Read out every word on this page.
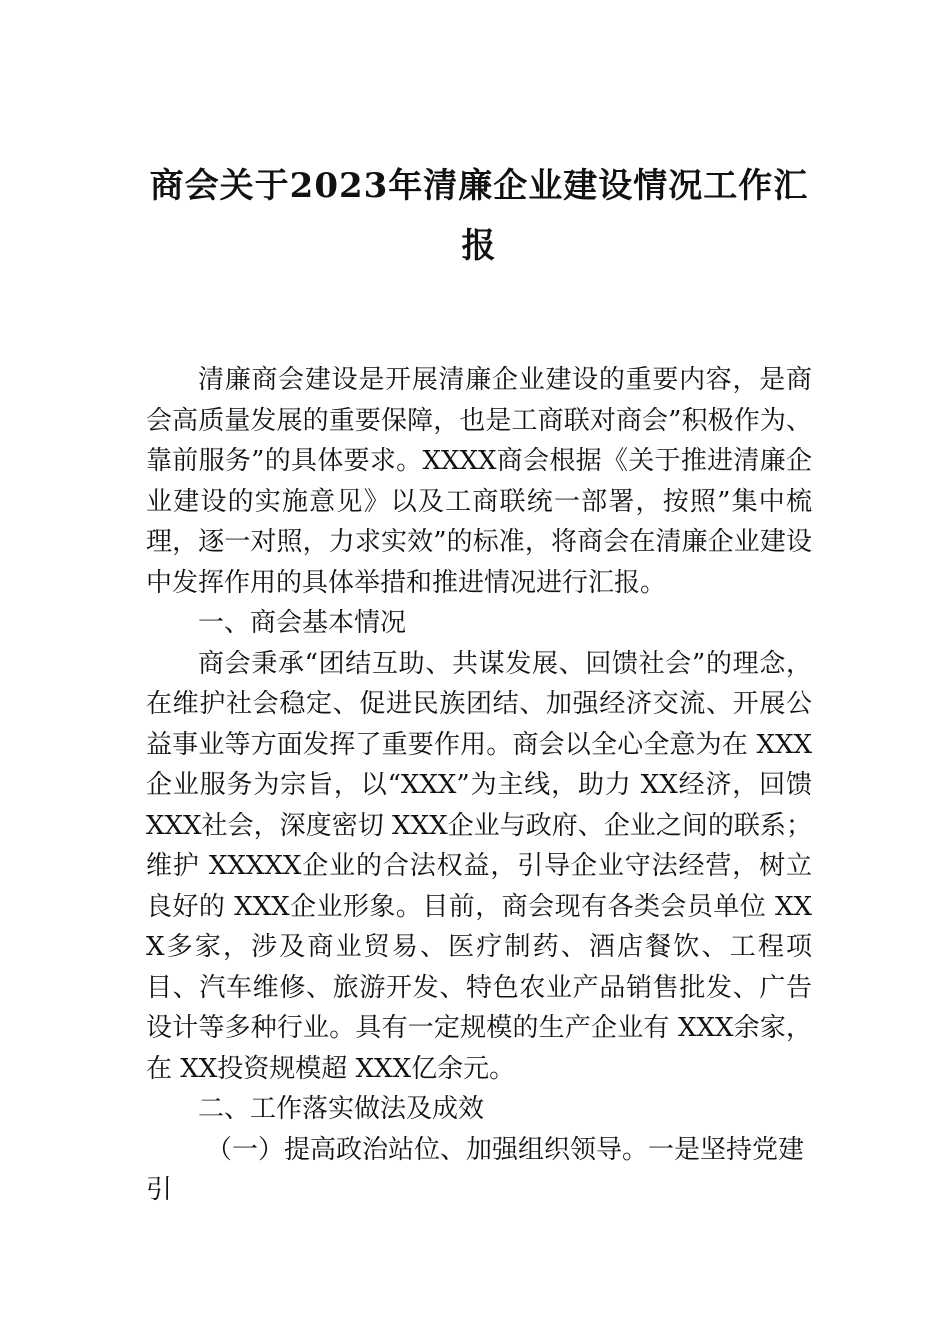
商会关于2023年清廉企业建设情况工作汇
报

清廉商会建设是开展清廉企业建设的重要内容，是商会高质量发展的重要保障，也是工商联对商会”积极作为、靠前服务”的具体要求。XXXX商会根据《关于推进清廉企业建设的实施意见》以及工商联统一部署，按照”集中梳理，逐一对照，力求实效”的标准，将商会在清廉企业建设中发挥作用的具体举措和推进情况进行汇报。

一、商会基本情况

商会秉承“团结互助、共谋发展、回馈社会”的理念，在维护社会稳定、促进民族团结、加强经济交流、开展公益事业等方面发挥了重要作用。商会以全心全意为在 XXX企业服务为宗旨，以“XXX”为主线，助力 XX经济，回馈 XXX社会，深度密切 XXX企业与政府、企业之间的联系；维护 XXXXX企业的合法权益，引导企业守法经营，树立良好的 XXX企业形象。目前，商会现有各类会员单位 XXX多家，涉及商业贸易、医疗制药、酒店餐饮、工程项目、汽车维修、旅游开发、特色农业产品销售批发、广告设计等多种行业。具有一定规模的生产企业有 XXX余家，在 XX投资规模超 XXX亿余元。

二、工作落实做法及成效

（一）提高政治站位、加强组织领导。一是坚持党建引
